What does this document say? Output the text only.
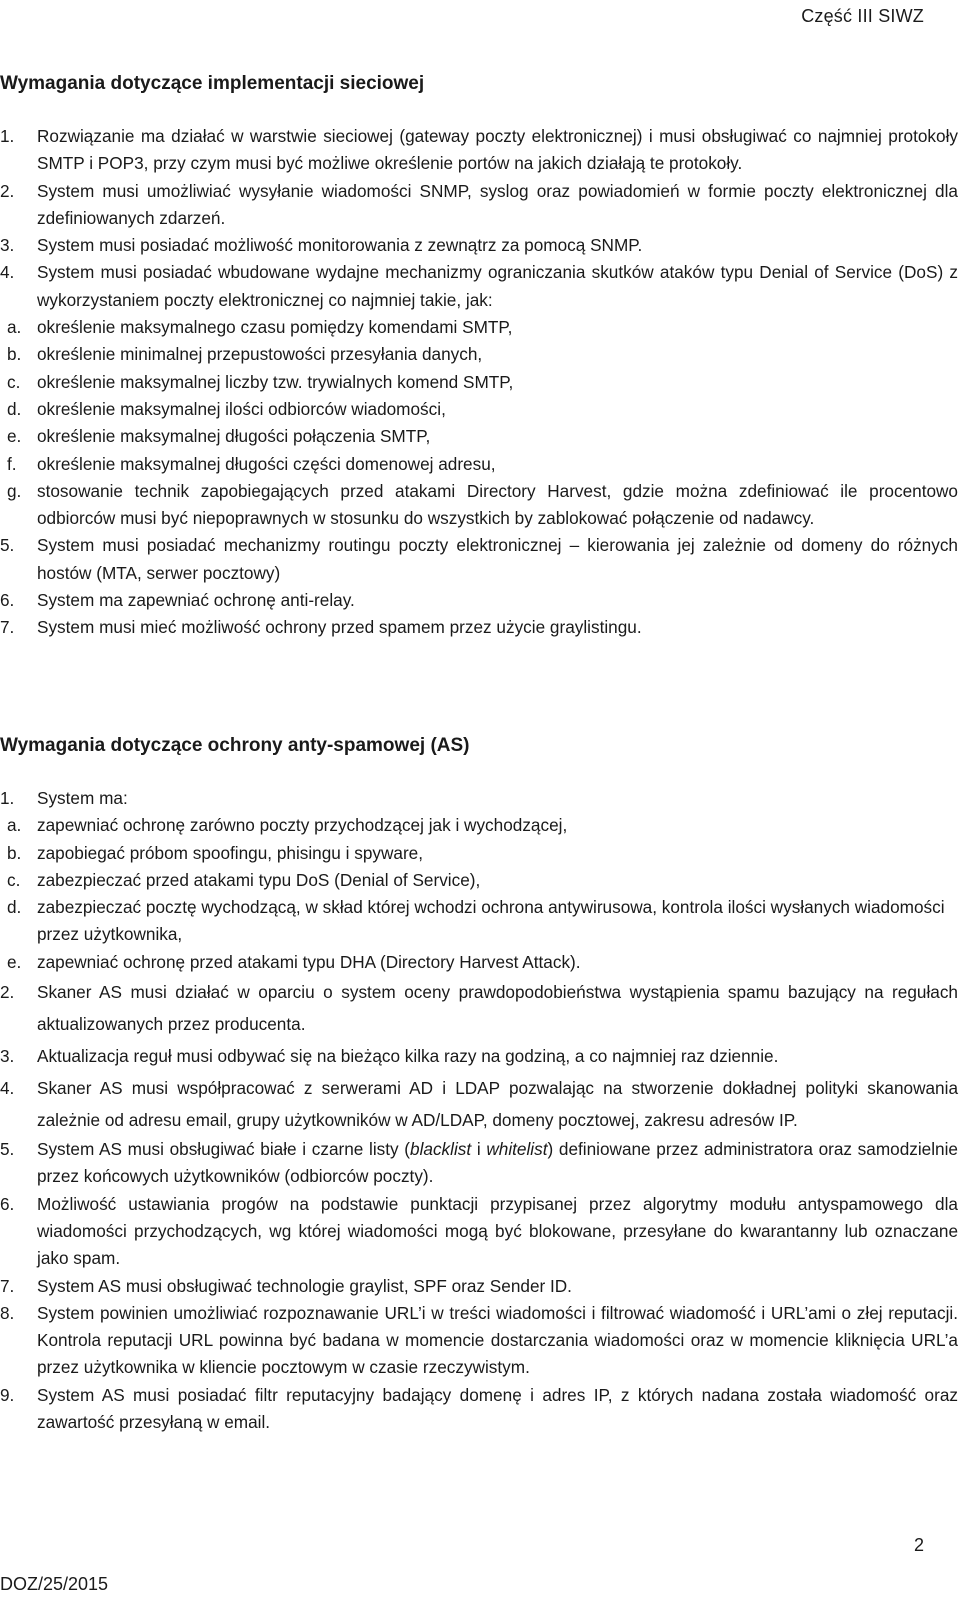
Część III SIWZ
Wymagania dotyczące implementacji sieciowej
1.	Rozwiązanie ma działać w warstwie sieciowej (gateway poczty elektronicznej) i musi obsługiwać co najmniej protokoły SMTP i POP3, przy czym musi być możliwe określenie portów na jakich działają te protokoły.
2.	System musi umożliwiać wysyłanie wiadomości SNMP, syslog oraz powiadomień w formie poczty elektronicznej dla zdefiniowanych zdarzeń.
3.	System musi posiadać możliwość monitorowania z zewnątrz za pomocą SNMP.
4.	System musi posiadać wbudowane wydajne mechanizmy ograniczania skutków ataków typu Denial of Service (DoS) z wykorzystaniem poczty elektronicznej co najmniej takie, jak:
a. określenie maksymalnego czasu pomiędzy komendami SMTP,
b. określenie minimalnej przepustowości przesyłania danych,
c. określenie maksymalnej liczby tzw. trywialnych komend SMTP,
d. określenie maksymalnej ilości odbiorców wiadomości,
e. określenie maksymalnej długości połączenia SMTP,
f.	określenie maksymalnej długości części domenowej adresu,
g. stosowanie technik zapobiegających przed atakami Directory Harvest, gdzie można zdefiniować ile procentowo odbiorców musi być niepoprawnych w stosunku do wszystkich by zablokować połączenie od nadawcy.
5.	System musi posiadać mechanizmy routingu poczty elektronicznej – kierowania jej zależnie od domeny do różnych hostów (MTA, serwer pocztowy)
6.	System ma zapewniać ochronę anti-relay.
7.	System musi mieć możliwość ochrony przed spamem przez użycie graylistingu.
Wymagania dotyczące ochrony anty-spamowej (AS)
1.	System ma:
a. zapewniać ochronę zarówno poczty przychodzącej jak i wychodzącej,
b. zapobiegać próbom spoofingu, phisingu i spyware,
c. zabezpieczać przed atakami typu DoS (Denial of Service),
d. zabezpieczać pocztę wychodzącą, w skład której wchodzi ochrona antywirusowa, kontrola ilości wysłanych wiadomości przez użytkownika,
e. zapewniać ochronę przed atakami typu DHA (Directory Harvest Attack).
2.	Skaner AS musi działać w oparciu o system oceny prawdopodobieństwa wystąpienia spamu bazujący na regułach aktualizowanych przez producenta.
3.	Aktualizacja reguł musi odbywać się na bieżąco kilka razy na godziną, a co najmniej raz dziennie.
4.	Skaner AS musi współpracować z serwerami AD i LDAP pozwalając na stworzenie dokładnej polityki skanowania zależnie od adresu email, grupy użytkowników w AD/LDAP, domeny pocztowej, zakresu adresów IP.
5.	System AS musi obsługiwać białe i czarne listy (blacklist i whitelist) definiowane przez administratora oraz samodzielnie przez końcowych użytkowników (odbiorców poczty).
6.	Możliwość ustawiania progów na podstawie punktacji przypisanej przez algorytmy modułu antyspamowego dla wiadomości przychodzących, wg której wiadomości mogą być blokowane, przesyłane do kwarantanny lub oznaczane jako spam.
7.	System AS musi obsługiwać technologie graylist, SPF oraz Sender ID.
8.	System powinien umożliwiać rozpoznawanie URL’i w treści wiadomości i filtrować wiadomość i URL’ami o złej reputacji. Kontrola reputacji URL powinna być badana w momencie dostarczania wiadomości oraz w momencie kliknięcia URL’a przez użytkownika w kliencie pocztowym w czasie rzeczywistym.
9.	System AS musi posiadać filtr reputacyjny badający domenę i adres IP, z których nadana została wiadomość oraz zawartość przesyłaną w email.
2
DOZ/25/2015
